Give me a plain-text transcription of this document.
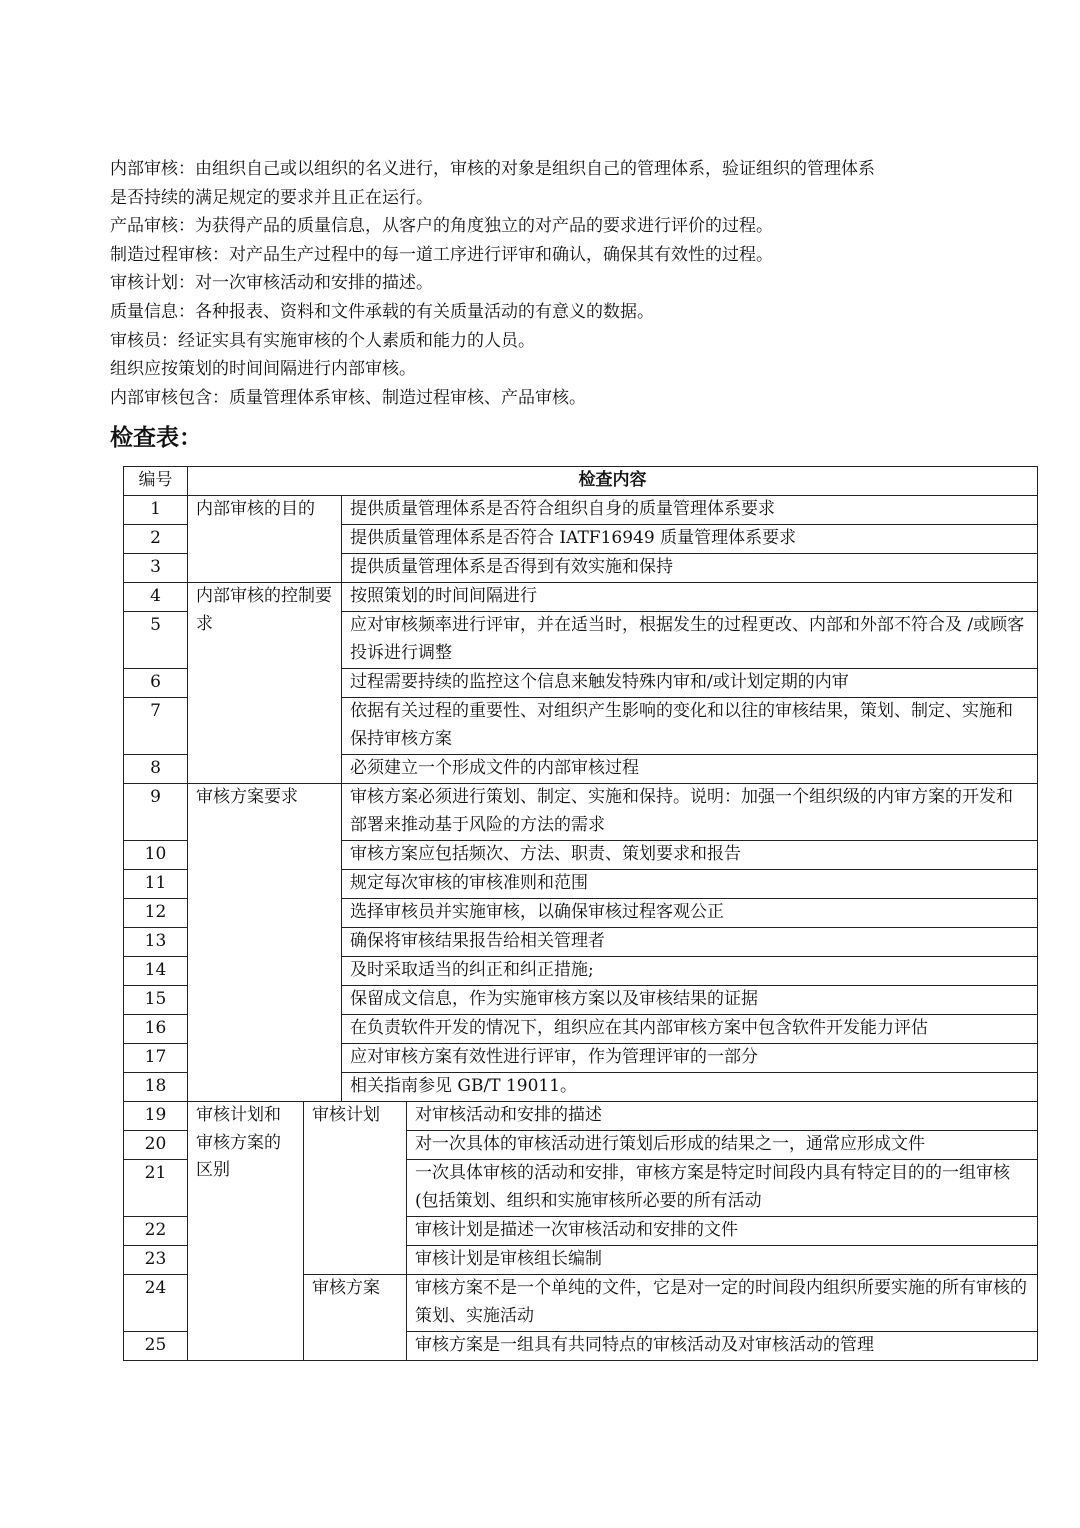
内部审核：由组织自己或以组织的名义进行，审核的对象是组织自己的管理体系，验证组织的管理体系

是否持续的满足规定的要求并且正在运行。

产品审核：为获得产品的质量信息，从客户的角度独立的对产品的要求进行评价的过程。

制造过程审核：对产品生产过程中的每一道工序进行评审和确认，确保其有效性的过程。

审核计划：对一次审核活动和安排的描述。

质量信息：各种报表、资料和文件承载的有关质量活动的有意义的数据。

审核员：经证实具有实施审核的个人素质和能力的人员。

组织应按策划的时间间隔进行内部审核。

内部审核包含：质量管理体系审核、制造过程审核、产品审核。

检查表：
编号	检查内容			
1	内部审核的目的		提供质量管理体系是否符合组织自身的质量管理体系要求	
2			提供质量管理体系是否符合 IATF16949 质量管理体系要求	
3			提供质量管理体系是否得到有效实施和保持	
4	内部审核的控制要求		按照策划的时间间隔进行	
5			应对审核频率进行评审，并在适当时，根据发生的过程更改、内部和外部不符合及 /或顾客投诉进行调整	
6			过程需要持续的监控这个信息来触发特殊内审和/或计划定期的内审	
7			依据有关过程的重要性、对组织产生影响的变化和以往的审核结果，策划、制定、实施和保持审核方案	
8			必须建立一个形成文件的内部审核过程	
9	审核方案要求		审核方案必须进行策划、制定、实施和保持。说明：加强一个组织级的内审方案的开发和部署来推动基于风险的方法的需求	
10			审核方案应包括频次、方法、职责、策划要求和报告	
11			规定每次审核的审核准则和范围	
12			选择审核员并实施审核，以确保审核过程客观公正	
13			确保将审核结果报告给相关管理者	
14			及时采取适当的纠正和纠正措施;	
15			保留成文信息，作为实施审核方案以及审核结果的证据	
16			在负责软件开发的情况下，组织应在其内部审核方案中包含软件开发能力评估	
17			应对审核方案有效性进行评审，作为管理评审的一部分	
18			相关指南参见 GB/T 19011。	
19	审核计划和审核方案的区别	审核计划		对审核活动和安排的描述
20				对一次具体的审核活动进行策划后形成的结果之一，通常应形成文件
21				一次具体审核的活动和安排，审核方案是特定时间段内具有特定目的的一组审核(包括策划、组织和实施审核所必要的所有活动
22				审核计划是描述一次审核活动和安排的文件
23				审核计划是审核组长编制
24		审核方案		审核方案不是一个单纯的文件，它是对一定的时间段内组织所要实施的所有审核的策划、实施活动
25				审核方案是一组具有共同特点的审核活动及对审核活动的管理
